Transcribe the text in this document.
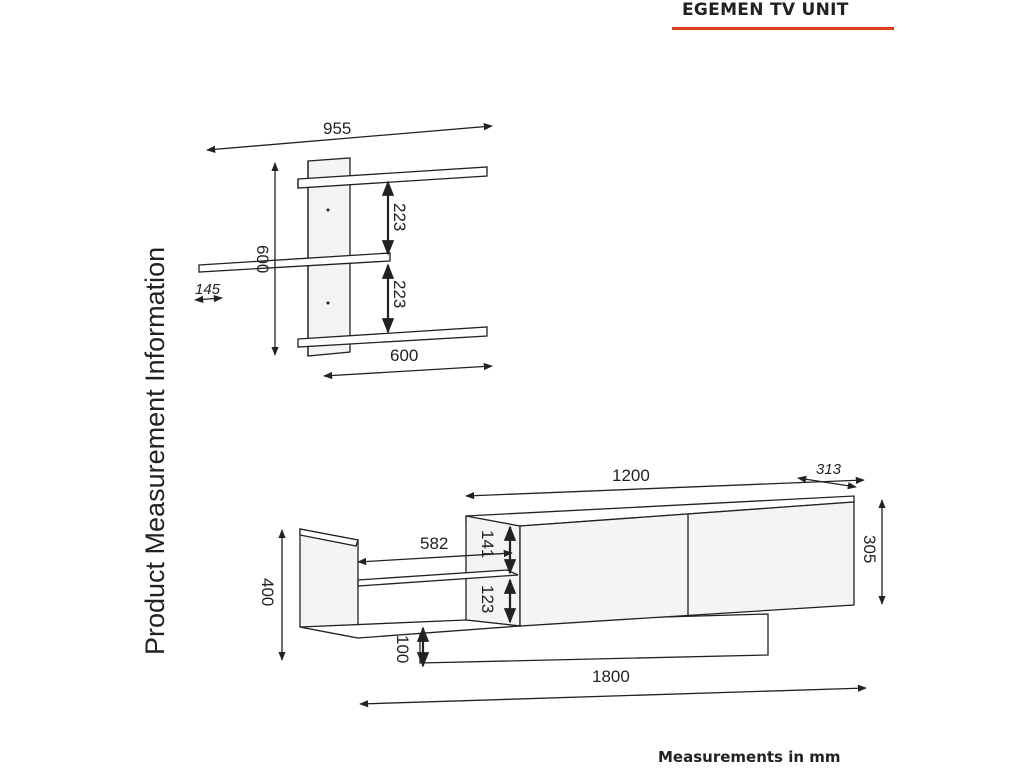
EGEMEN TV UNIT
Product Measurement Information
Measurements in mm
955
600
223
223
145
600
1200	313
305
582 141
123
400
100
1800
